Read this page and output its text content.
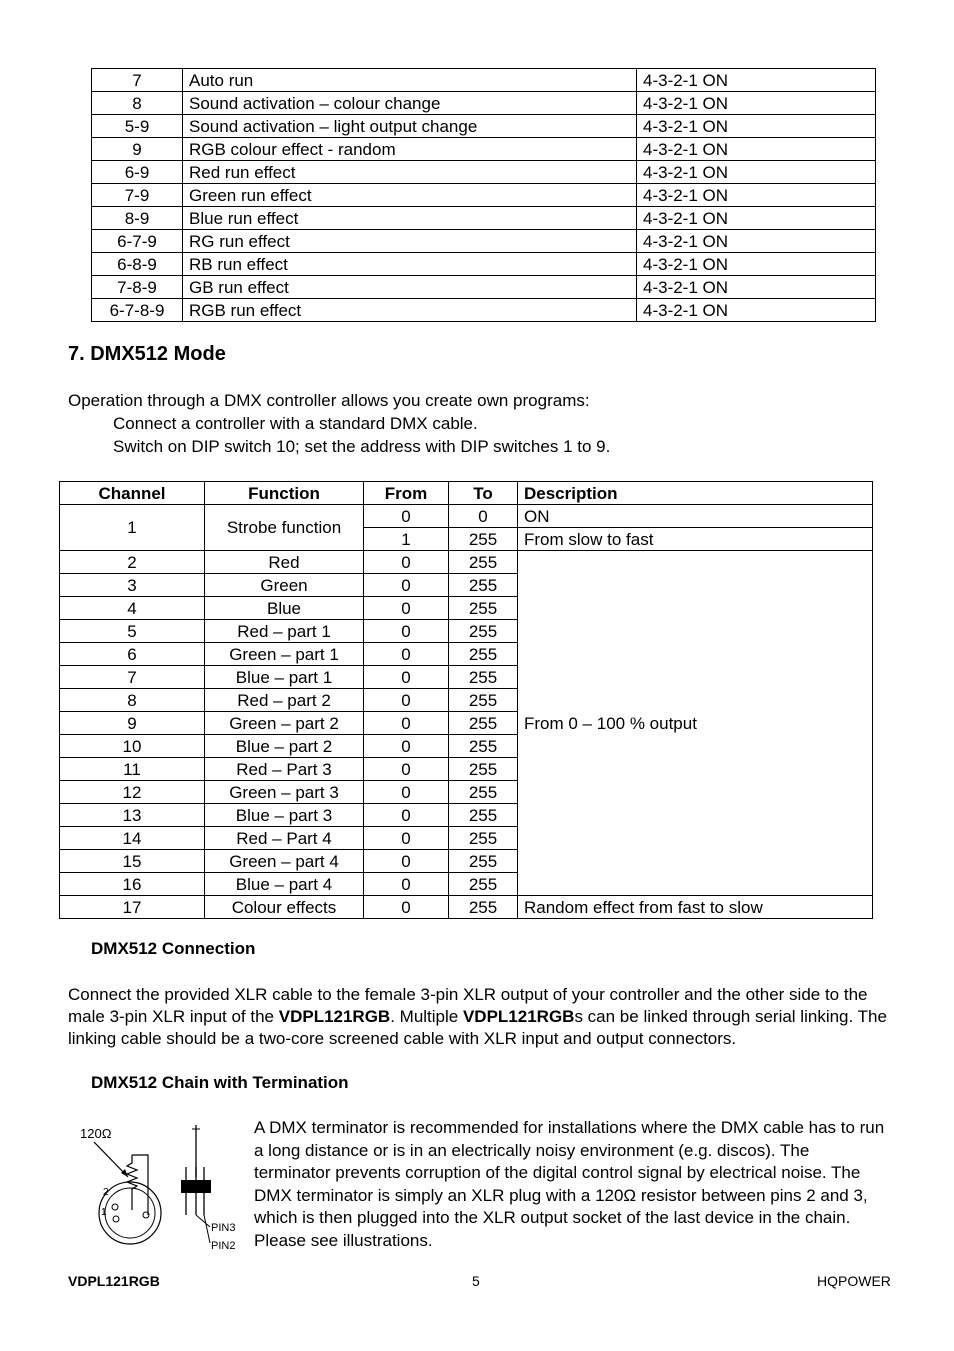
7	Auto run	4-3-2-1 ON
8	Sound activation – colour change	4-3-2-1 ON
5-9	Sound activation – light output change	4-3-2-1 ON
9	RGB colour effect - random	4-3-2-1 ON
6-9	Red run effect	4-3-2-1 ON
7-9	Green run effect	4-3-2-1 ON
8-9	Blue run effect	4-3-2-1 ON
6-7-9	RG run effect	4-3-2-1 ON
6-8-9	RB run effect	4-3-2-1 ON
7-8-9	GB run effect	4-3-2-1 ON
6-7-8-9	RGB run effect	4-3-2-1 ON
7. DMX512 Mode
Operation through a DMX controller allows you create own programs:
Connect a controller with a standard DMX cable.
Switch on DIP switch 10; set the address with DIP switches 1 to 9.
Channel	Function	From	To	Description
1	Strobe function	0	0	ON
		1	255	From slow to fast
2	Red	0	255	From 0 – 100 % output
3	Green	0	255	
4	Blue	0	255	
5	Red – part 1	0	255	
6	Green – part 1	0	255	
7	Blue – part 1	0	255	
8	Red – part 2	0	255	
9	Green – part 2	0	255	
10	Blue – part 2	0	255	
11	Red – Part 3	0	255	
12	Green – part 3	0	255	
13	Blue – part 3	0	255	
14	Red – Part 4	0	255	
15	Green – part 4	0	255	
16	Blue – part 4	0	255	
17	Colour effects	0	255	Random effect from fast to slow
DMX512 Connection
Connect the provided XLR cable to the female 3-pin XLR output of your controller and the other side to the male 3-pin XLR input of the VDPL121RGB. Multiple VDPL121RGBs can be linked through serial linking. The linking cable should be a two-core screened cable with XLR input and output connectors.
DMX512 Chain with Termination
120Ω
2
1
PIN3
PIN2
A DMX terminator is recommended for installations where the DMX cable has to run a long distance or is in an electrically noisy environment (e.g. discos). The terminator prevents corruption of the digital control signal by electrical noise. The DMX terminator is simply an XLR plug with a 120Ω resistor between pins 2 and 3, which is then plugged into the XLR output socket of the last device in the chain.
Please see illustrations.
VDPL121RGB	5	HQPOWER
